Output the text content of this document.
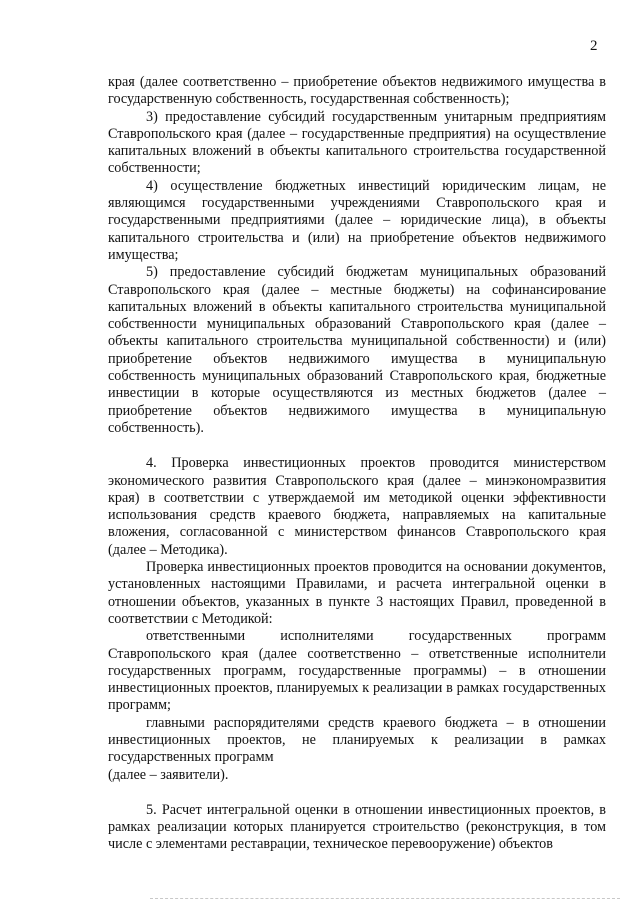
2

края (далее соответственно – приобретение объектов недвижимого имущества в государственную собственность, государственная собственность);

3) предоставление субсидий государственным унитарным предприятиям Ставропольского края (далее – государственные предприятия) на осуществление капитальных вложений в объекты капитального строительства государственной собственности;

4) осуществление бюджетных инвестиций юридическим лицам, не являющимся государственными учреждениями Ставропольского края и государственными предприятиями (далее – юридические лица), в объекты капитального строительства и (или) на приобретение объектов недвижимого имущества;

5) предоставление субсидий бюджетам муниципальных образований Ставропольского края (далее – местные бюджеты) на софинансирование капитальных вложений в объекты капитального строительства муниципальной собственности муниципальных образований Ставропольского края (далее – объекты капитального строительства муниципальной собственности) и (или) приобретение объектов недвижимого имущества в муниципальную собственность муниципальных образований Ставропольского края, бюджетные инвестиции в которые осуществляются из местных бюджетов (далее – приобретение объектов недвижимого имущества в муниципальную собственность).

4. Проверка инвестиционных проектов проводится министерством экономического развития Ставропольского края (далее – минэкономразвития края) в соответствии с утверждаемой им методикой оценки эффективности использования средств краевого бюджета, направляемых на капитальные вложения, согласованной с министерством финансов Ставропольского края (далее – Методика).

Проверка инвестиционных проектов проводится на основании документов, установленных настоящими Правилами, и расчета интегральной оценки в отношении объектов, указанных в пункте 3 настоящих Правил, проведенной в соответствии с Методикой:

ответственными исполнителями государственных программ Ставропольского края (далее соответственно – ответственные исполнители государственных программ, государственные программы) – в отношении инвестиционных проектов, планируемых к реализации в рамках государственных программ;

главными распорядителями средств краевого бюджета – в отношении инвестиционных проектов, не планируемых к реализации в рамках государственных программ

(далее – заявители).

5. Расчет интегральной оценки в отношении инвестиционных проектов, в рамках реализации которых планируется строительство (реконструкция, в том числе с элементами реставрации, техническое перевооружение) объектов
